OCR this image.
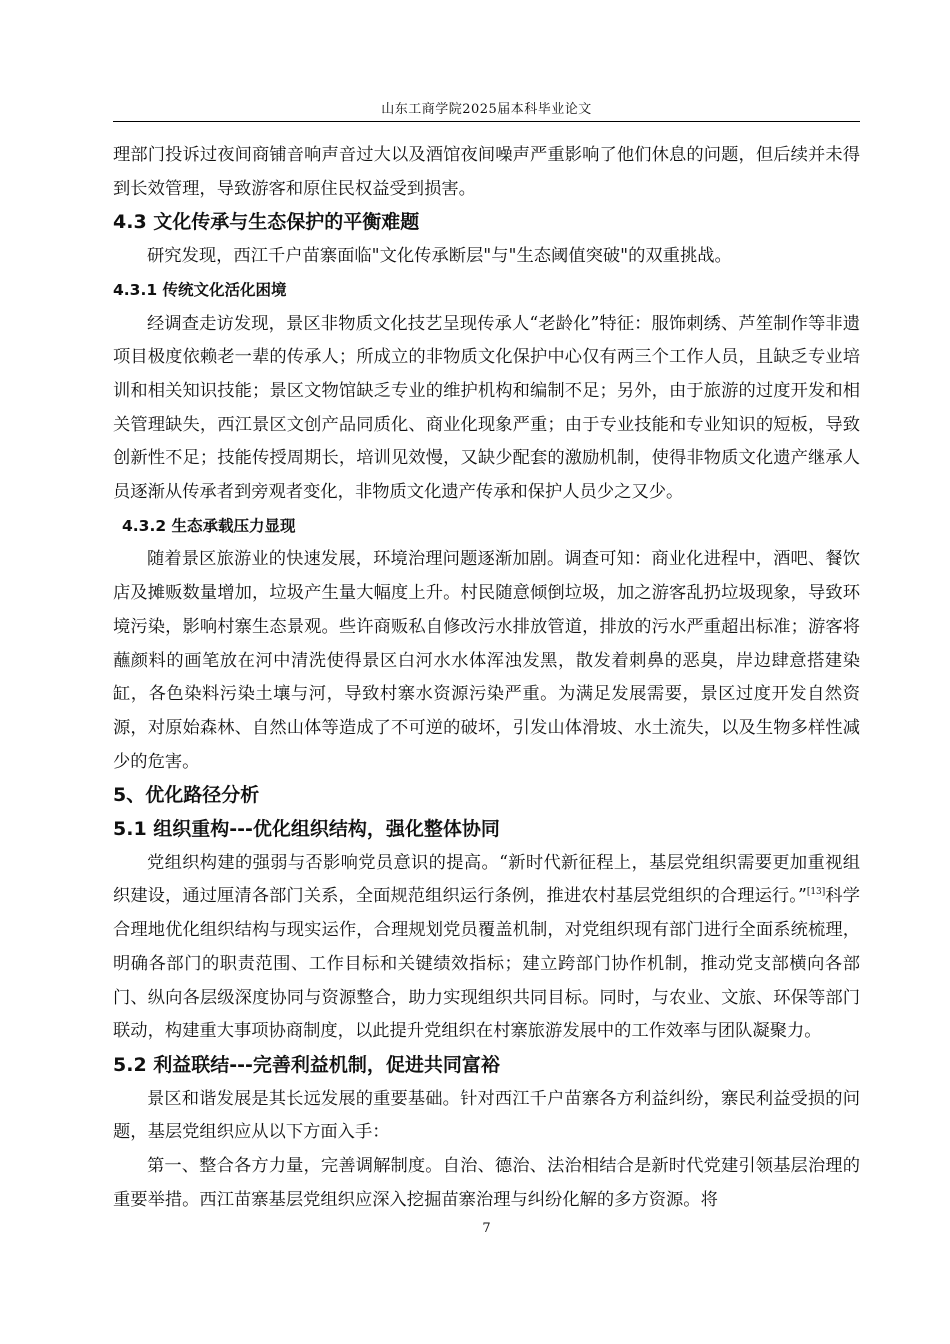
山东工商学院2025届本科毕业论文

理部门投诉过夜间商铺音响声音过大以及酒馆夜间噪声严重影响了他们休息的问题，但后续并未得到长效管理，导致游客和原住民权益受到损害。

4.3 文化传承与生态保护的平衡难题

研究发现，西江千户苗寨面临"文化传承断层"与"生态阈值突破"的双重挑战。

4.3.1 传统文化活化困境

经调查走访发现，景区非物质文化技艺呈现传承人“老龄化”特征：服饰刺绣、芦笙制作等非遗项目极度依赖老一辈的传承人；所成立的非物质文化保护中心仅有两三个工作人员，且缺乏专业培训和相关知识技能；景区文物馆缺乏专业的维护机构和编制不足；另外，由于旅游的过度开发和相关管理缺失，西江景区文创产品同质化、商业化现象严重；由于专业技能和专业知识的短板，导致创新性不足；技能传授周期长，培训见效慢，又缺少配套的激励机制，使得非物质文化遗产继承人员逐渐从传承者到旁观者变化，非物质文化遗产传承和保护人员少之又少。

4.3.2 生态承载压力显现

随着景区旅游业的快速发展，环境治理问题逐渐加剧。调查可知：商业化进程中，酒吧、餐饮店及摊贩数量增加，垃圾产生量大幅度上升。村民随意倾倒垃圾，加之游客乱扔垃圾现象，导致环境污染，影响村寨生态景观。些许商贩私自修改污水排放管道，排放的污水严重超出标准；游客将蘸颜料的画笔放在河中清洗使得景区白河水水体浑浊发黑，散发着刺鼻的恶臭，岸边肆意搭建染缸，各色染料污染土壤与河，导致村寨水资源污染严重。为满足发展需要，景区过度开发自然资源，对原始森林、自然山体等造成了不可逆的破坏，引发山体滑坡、水土流失，以及生物多样性减少的危害。

5、优化路径分析

5.1 组织重构---优化组织结构，强化整体协同

党组织构建的强弱与否影响党员意识的提高。“新时代新征程上，基层党组织需要更加重视组织建设，通过厘清各部门关系，全面规范组织运行条例，推进农村基层党组织的合理运行。”[13]科学合理地优化组织结构与现实运作，合理规划党员覆盖机制，对党组织现有部门进行全面系统梳理，明确各部门的职责范围、工作目标和关键绩效指标；建立跨部门协作机制，推动党支部横向各部门、纵向各层级深度协同与资源整合，助力实现组织共同目标。同时，与农业、文旅、环保等部门联动，构建重大事项协商制度，以此提升党组织在村寨旅游发展中的工作效率与团队凝聚力。

5.2 利益联结---完善利益机制，促进共同富裕

景区和谐发展是其长远发展的重要基础。针对西江千户苗寨各方利益纠纷，寨民利益受损的问题，基层党组织应从以下方面入手：

第一、整合各方力量，完善调解制度。自治、德治、法治相结合是新时代党建引领基层治理的重要举措。西江苗寨基层党组织应深入挖掘苗寨治理与纠纷化解的多方资源。将

7
